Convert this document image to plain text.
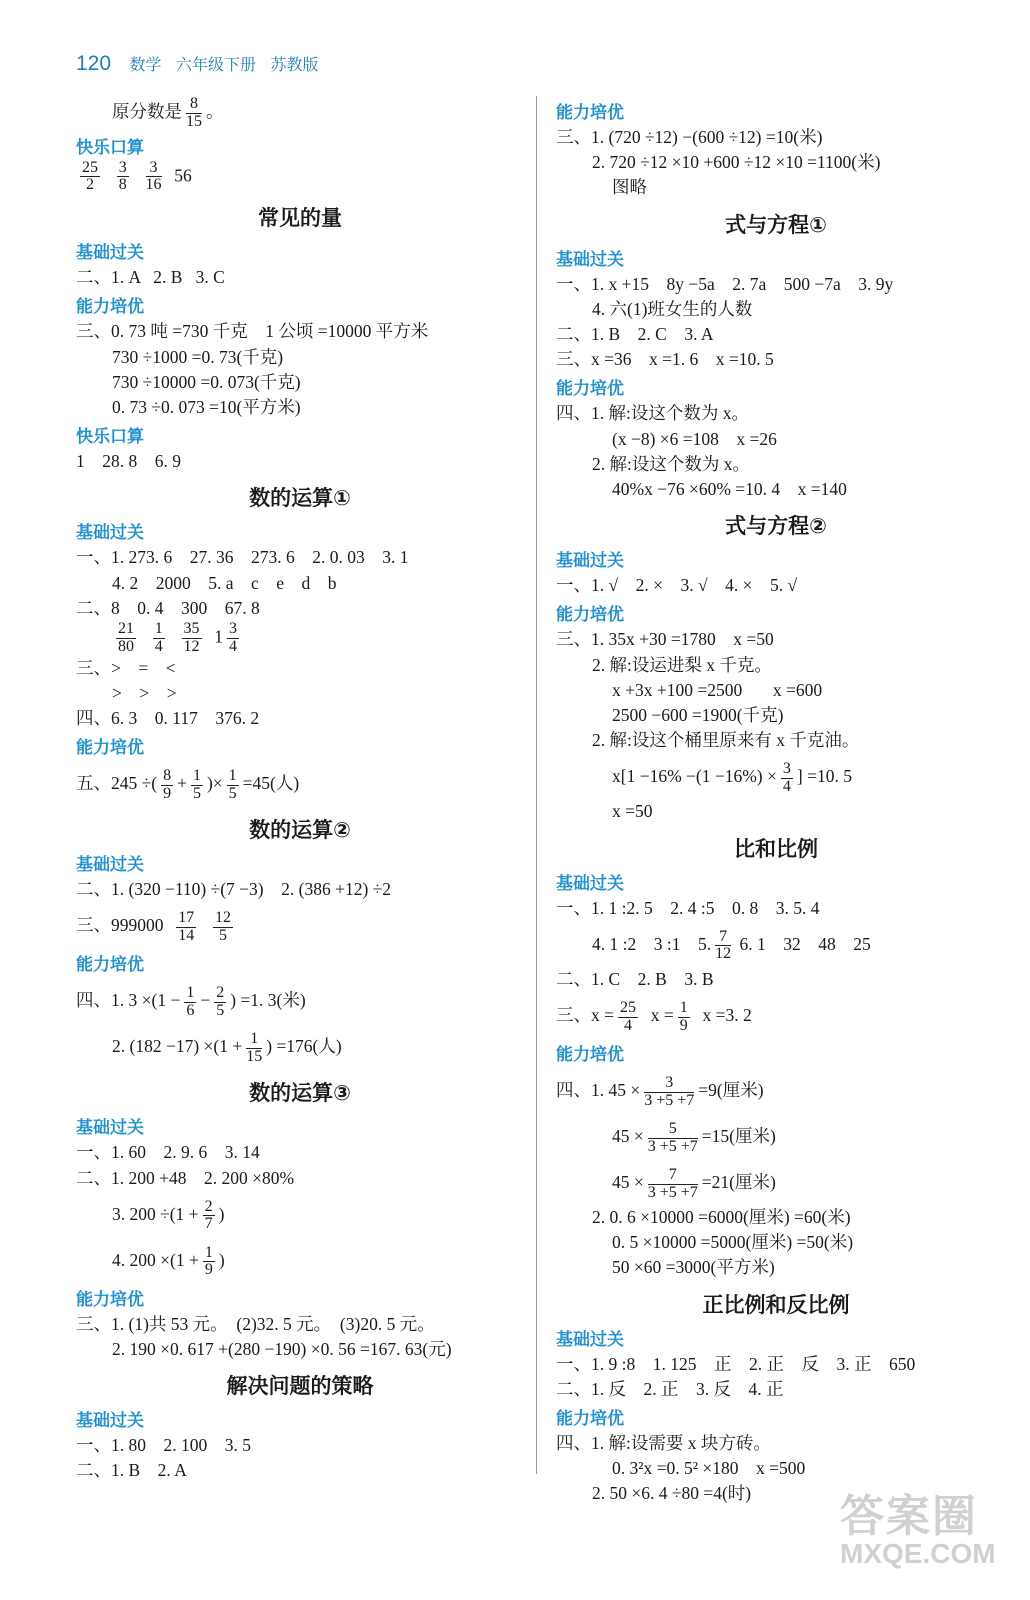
120 数学 六年级下册 苏教版
原分数是 $\frac{8}{15}$ 。
快乐口算
$\frac{25}{2}$
$\frac{3}{8}$
$\frac{3}{16} 56$
常见的量
基础过关
二、1. A   2. B   3. C
能力培优
三、0. 73 吨 =730 千克    1 公顷 =10000 平方米
730 ÷1000 =0. 73(千克)
730 ÷10000 =0. 073(千克)
0. 73 ÷0. 073 =10(平方米)
快乐口算
1    28. 8    6. 9
数的运算①
基础过关
一、1. 273. 6    27. 36    273. 6    2. 0. 03    3. 1
4. 2    2000    5. a    c    e    d    b
二、8    0. 4    300    67. 8
$\frac{21}{80}$
$\frac{1}{4}$
$\frac{35}{12} 1 \frac{3}{4}$
三、>    =    <
>    >    >
四、6. 3    0. 117    376. 2
能力培优
五、245 ÷( $\frac{8}{9} + \frac{1}{5}$ )× $\frac{1}{5} =45$(人)
数的运算②
基础过关
二、1. (320 −110) ÷(7 −3)    2. (386 +12) ÷2
三、$999000 \frac{17}{14}$
$\frac{12}{5}$
能力培优
四、1. $3 \times(1 - \frac{1}{6} - \frac{2}{5}$ ) =1. 3(米)
2. $(182 -17) \times(1 + \frac{1}{15}$ ) =176(人)
数的运算③
基础过关
一、1. 60    2. 9. 6    3. 14
二、1. 200 +48    2. 200 ×80%
3. $200 \div(1 + \frac{2}{7}$ )
4. $200 \times(1 + \frac{1}{9}$ )
能力培优
三、1. (1)共 53 元。  (2)32. 5 元。  (3)20. 5 元。
2. 190 ×0. 617 +(280 −190) ×0. 56 =167. 63(元)
解决问题的策略
基础过关
一、1. 80    2. 100    3. 5
二、1. B    2. A
能力培优
三、1. (720 ÷12) −(600 ÷12) =10(米)
2. 720 ÷12 ×10 +600 ÷12 ×10 =1100(米)
图略
式与方程①
基础过关
一、1. x +15    8y −5a    2. 7a    500 −7a    3. 9y
4. 六(1)班女生的人数
二、1. B    2. C    3. A
三、x =36    x =1. 6    x =10. 5
能力培优
四、1. 解:设这个数为 x。
(x −8) ×6 =108    x =26
2. 解:设这个数为 x。
40%x −76 ×60% =10. 4    x =140
式与方程②
基础过关
一、1. √    2. ×    3. √    4. ×    5. √
能力培优
三、1. 35x +30 =1780    x =50
2. 解:设运进梨 x 千克。
x +3x +100 =2500       x =600
2500 −600 =1900(千克)
2. 解:设这个桶里原来有 x 千克油。
$x[1 -16\% -(1 -16\%) \times \frac{3}{4}$ ] =10. 5
x =50
比和比例
基础过关
一、1. 1 :2. 5    2. 4 :5    0. 8    3. 5. 4
4. 1 :2    3 :1    5. $\frac{7}{12} 6$. 1    32    48    25
二、1. C    2. B    3. B
三、$x = \frac{25}{4}$ $x = \frac{1}{9}$ x =3. 2
能力培优
四、1. $45 \times \frac{3}{3 +5 +7} =9$(厘米)
$45 \times \frac{5}{3 +5 +7} =15$(厘米)
$45 \times \frac{7}{3 +5 +7} =21$(厘米)
2. 0. 6 ×10000 =6000(厘米) =60(米)
0. 5 ×10000 =5000(厘米) =50(米)
50 ×60 =3000(平方米)
正比例和反比例
基础过关
一、1. 9 :8    1. 125    正    2. 正    反    3. 正    650
二、1. 反    2. 正    3. 反    4. 正
能力培优
四、1. 解:设需要 x 块方砖。
0. 3²x =0. 5² ×180    x =500
2. 50 ×6. 4 ÷80 =4(时)	答案圈
MXQE.COM
